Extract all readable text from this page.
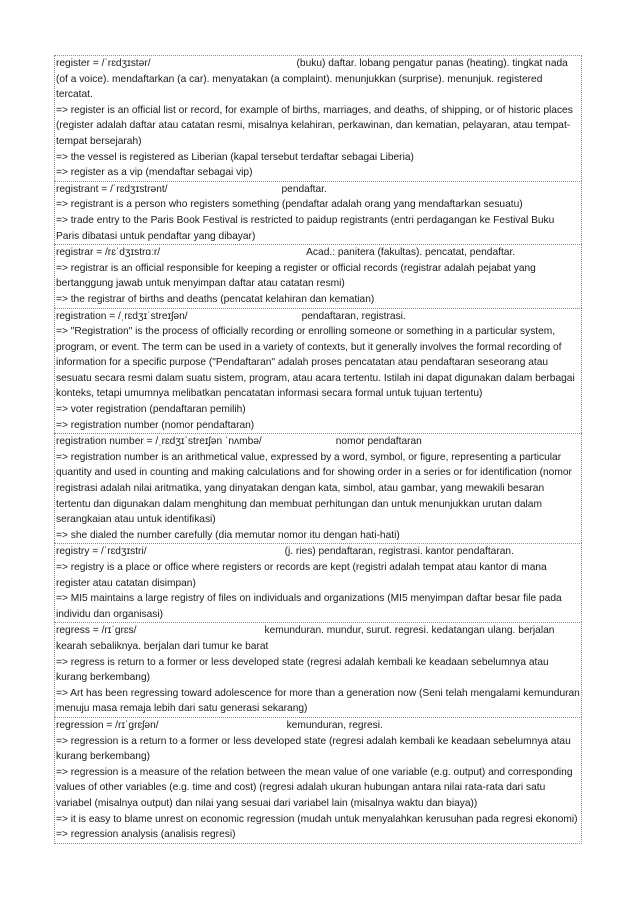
register = /ˈrɛdʒɪstər/	(buku) daftar. lobang pengatur panas (heating). tingkat nada (of a voice). mendaftarkan (a car). menyatakan (a complaint). menunjukkan (surprise). menunjuk. registered tercatat.
=> register is an official list or record, for example of births, marriages, and deaths, of shipping, or of historic places (register adalah daftar atau catatan resmi, misalnya kelahiran, perkawinan, dan kematian, pelayaran, atau tempat-tempat bersejarah)
=> the vessel is registered as Liberian (kapal tersebut terdaftar sebagai Liberia)
=> register as a vip (mendaftar sebagai vip)
registrant = /ˈrɛdʒɪstrənt/	pendaftar.
=> registrant is a person who registers something (pendaftar adalah orang yang mendaftarkan sesuatu)
=> trade entry to the Paris Book Festival is restricted to paidup registrants (entri perdagangan ke Festival Buku Paris dibatasi untuk pendaftar yang dibayar)
registrar = /rɛˈdʒɪstrɑːr/	Acad.: panitera (fakultas). pencatat, pendaftar.
=> registrar is an official responsible for keeping a register or official records (registrar adalah pejabat yang bertanggung jawab untuk menyimpan daftar atau catatan resmi)
=> the registrar of births and deaths (pencatat kelahiran dan kematian)
registration = /ˌrɛdʒɪˈstreɪʃən/	pendaftaran, registrasi.
=> "Registration" is the process of officially recording or enrolling someone or something in a particular system, program, or event. The term can be used in a variety of contexts, but it generally involves the formal recording of information for a specific purpose ("Pendaftaran" adalah proses pencatatan atau pendaftaran seseorang atau sesuatu secara resmi dalam suatu sistem, program, atau acara tertentu. Istilah ini dapat digunakan dalam berbagai konteks, tetapi umumnya melibatkan pencatatan informasi secara formal untuk tujuan tertentu)
=> voter registration (pendaftaran pemilih)
=> registration number (nomor pendaftaran)
registration number = /ˌrɛdʒɪˈstreɪʃən ˈnʌmbə/	nomor pendaftaran
=> registration number is an arithmetical value, expressed by a word, symbol, or figure, representing a particular quantity and used in counting and making calculations and for showing order in a series or for identification (nomor registrasi adalah nilai aritmatika, yang dinyatakan dengan kata, simbol, atau gambar, yang mewakili besaran tertentu dan digunakan dalam menghitung dan membuat perhitungan dan untuk menunjukkan urutan dalam serangkaian atau untuk identifikasi)
=> she dialed the number carefully (dia memutar nomor itu dengan hati-hati)
registry = /ˈrɛdʒɪstri/	(j. ries) pendaftaran, registrasi. kantor pendaftaran.
=> registry is a place or office where registers or records are kept (registri adalah tempat atau kantor di mana register atau catatan disimpan)
=> MI5 maintains a large registry of files on individuals and organizations (MI5 menyimpan daftar besar file pada individu dan organisasi)
regress = /rɪˈɡrɛs/	kemunduran. mundur, surut. regresi. kedatangan ulang. berjalan kearah sebaliknya. berjalan dari tumur ke barat
=> regress is return to a former or less developed state (regresi adalah kembali ke keadaan sebelumnya atau kurang berkembang)
=> Art has been regressing toward adolescence for more than a generation now (Seni telah mengalami kemunduran menuju masa remaja lebih dari satu generasi sekarang)
regression = /rɪˈɡrɛʃən/	kemunduran, regresi.
=> regression is a return to a former or less developed state (regresi adalah kembali ke keadaan sebelumnya atau kurang berkembang)
=> regression is a measure of the relation between the mean value of one variable (e.g. output) and corresponding values of other variables (e.g. time and cost) (regresi adalah ukuran hubungan antara nilai rata-rata dari satu variabel (misalnya output) dan nilai yang sesuai dari variabel lain (misalnya waktu dan biaya))
=> it is easy to blame unrest on economic regression (mudah untuk menyalahkan kerusuhan pada regresi ekonomi)
=> regression analysis (analisis regresi)
